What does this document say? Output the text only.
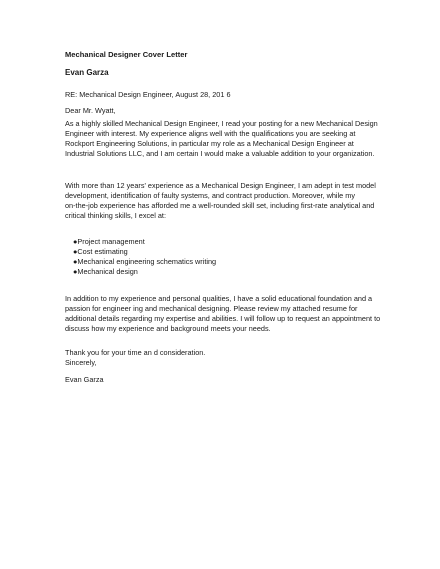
Mechanical Designer Cover Letter
Evan Garza
RE: Mechanical Design Engineer, August 28, 201 6
Dear Mr. Wyatt,
As a highly skilled Mechanical Design Engineer, I read your posting for a new Mechanical Design
Engineer with interest. My experience aligns well with the qualifications you are seeking at
Rockport Engineering Solutions, in particular my role as a Mechanical Design Engineer at
Industrial Solutions LLC, and I am certain I would make a valuable addition to your organization.
With more than 12 years' experience as a Mechanical Design Engineer, I am adept in test model
development, identification of faulty systems, and contract production. Moreover, while my
on-the-job experience has afforded me a well-rounded skill set, including first-rate analytical and
critical thinking skills, I excel at:
●Project management
●Cost estimating
●Mechanical engineering schematics writing
●Mechanical design
In addition to my experience and personal qualities, I have a solid educational foundation and a
passion for engineer ing and mechanical designing. Please review my attached resume for
additional details regarding my expertise and abilities. I will follow up to request an appointment to
discuss how my experience and background meets your needs.
Thank you for your time an d consideration.
Sincerely,
Evan Garza
